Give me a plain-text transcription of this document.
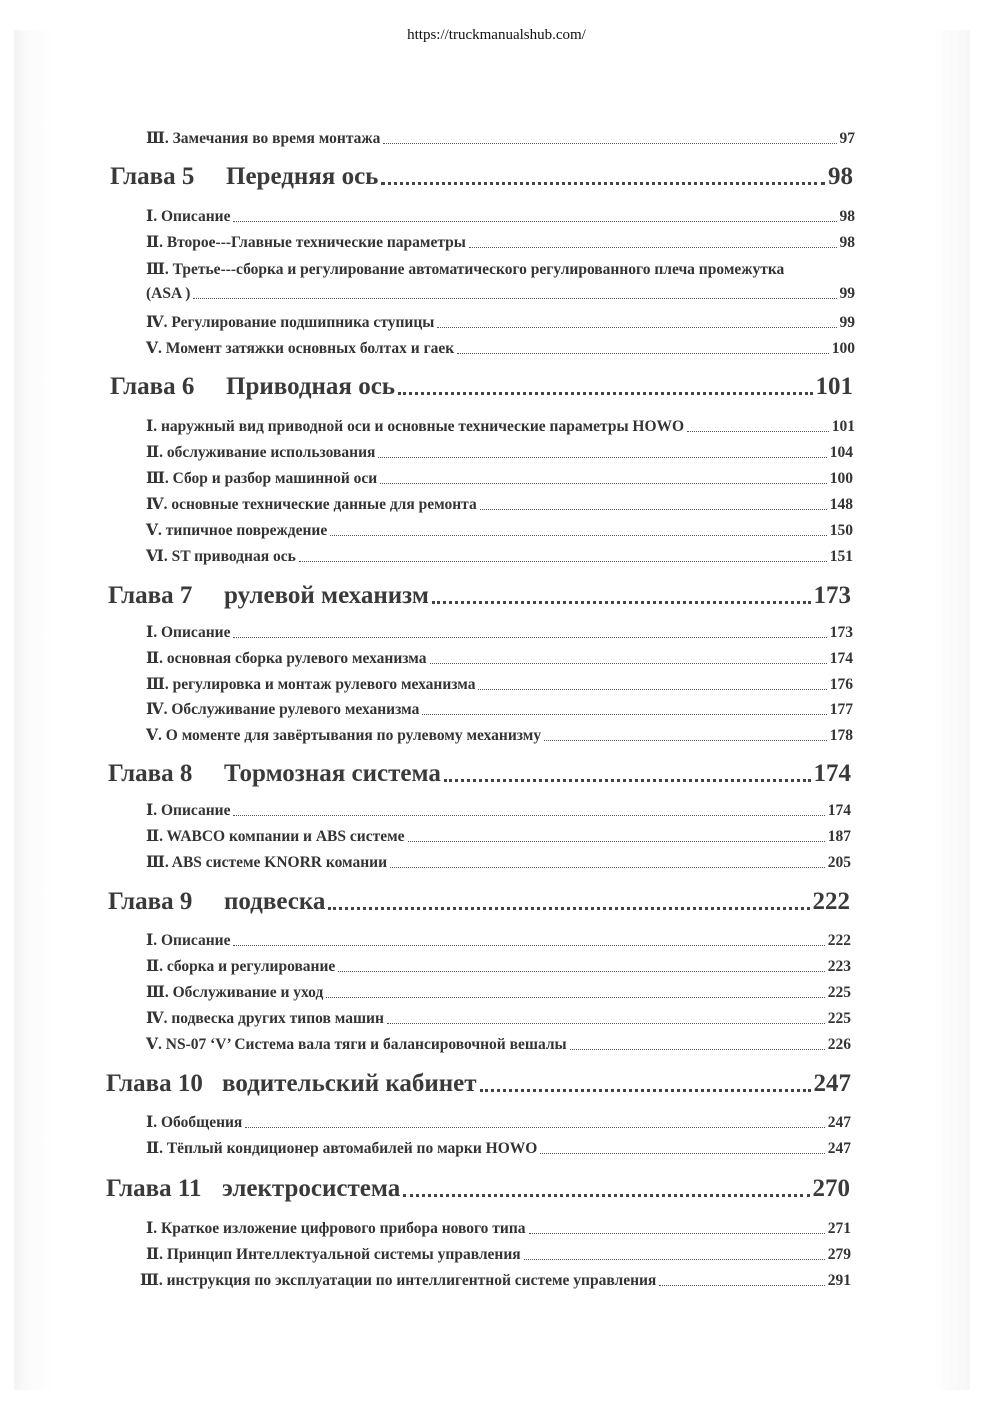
https://truckmanualshub.com/
Ⅲ. Замечания во время монтажа	97
Глава 5	Передняя ось	98
Ⅰ. Описание	98
Ⅱ. Второе---Главные технические параметры	98
Ⅲ. Третье---сборка и регулирование автоматического регулированного плеча промежутка
(ASA )	99
Ⅳ. Регулирование подшипника ступицы	99
Ⅴ. Момент затяжки основных болтах и гаек	100
Глава 6	Приводная ось	101
Ⅰ. наружный вид приводной оси и основные технические параметры HOWO	101
Ⅱ. обслуживание использования	104
Ⅲ. Сбор и разбор машинной оси	100
Ⅳ. основные технические данные для ремонта	148
Ⅴ. типичное повреждение	150
Ⅵ. ST приводная ось	151
Глава 7	рулевой механизм	173
Ⅰ. Описание	173
Ⅱ. основная сборка рулевого механизма	174
Ⅲ. регулировка и монтаж рулевого механизма	176
Ⅳ. Обслуживание рулевого механизма	177
Ⅴ. О моменте для завёртывания по рулевому механизму	178
Глава 8	Тормозная система	174
Ⅰ. Описание	174
Ⅱ. WABCO компании и ABS системе	187
Ⅲ. ABS системе KNORR комании	205
Глава 9	подвеска	222
Ⅰ. Описание	222
Ⅱ. сборка и регулирование	223
Ⅲ. Обслуживание и уход	225
Ⅳ. подвеска других типов машин	225
Ⅴ. NS-07 ‘V’ Система вала тяги и балансировочной вешалы	226
Глава 10 водительский кабинет	247
Ⅰ. Обобщения	247
Ⅱ. Тёплый кондиционер автомабилей по марки HOWO	247
Глава 11 электросистема	270
Ⅰ. Краткое изложение цифрового прибора нового типа	271
Ⅱ. Принцип Интеллектуальной системы управления	279
Ⅲ. инструкция по эксплуатации по интеллигентной системе управления	291
